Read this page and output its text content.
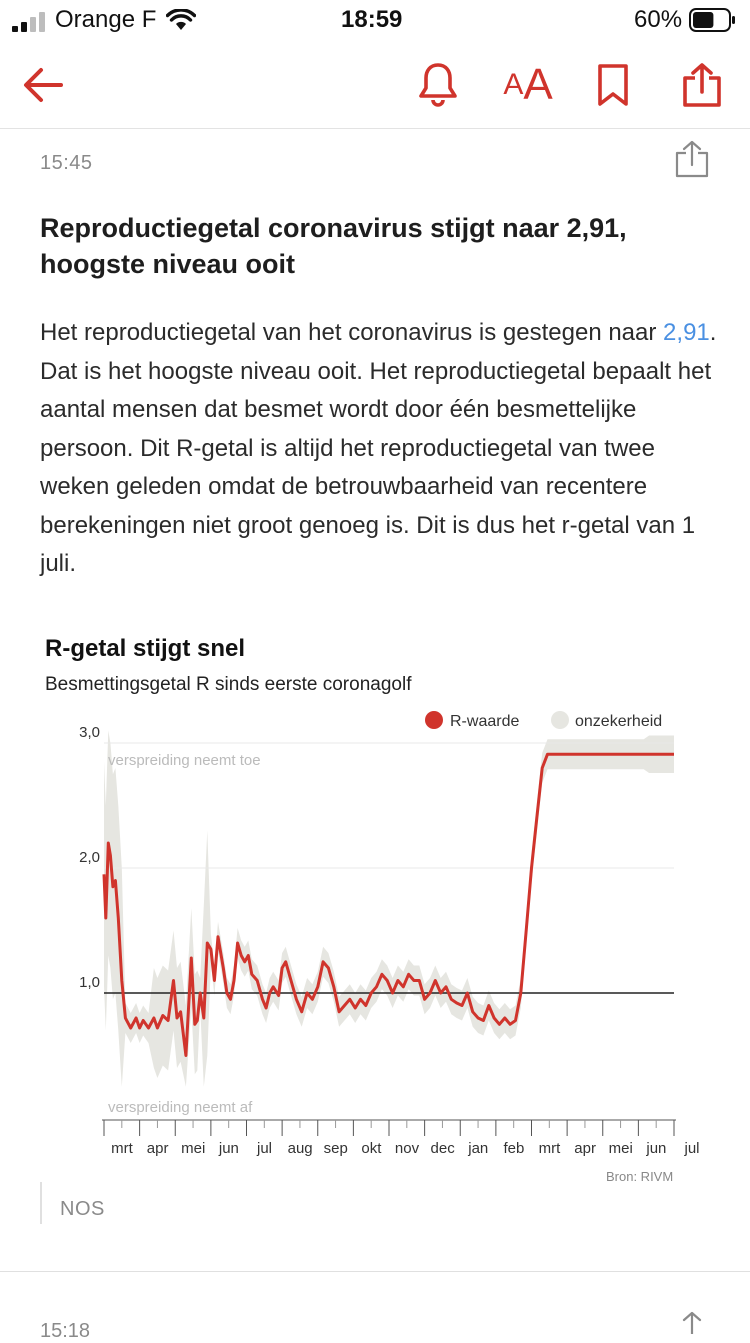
Orange F	18:59	60%
A A
15:45
Reproductiegetal coronavirus stijgt naar 2,91, hoogste niveau ooit
Het reproductiegetal van het coronavirus is gestegen naar 2,91. Dat is het hoogste niveau ooit. Het reproductiegetal bepaalt het aantal mensen dat besmet wordt door één besmettelijke persoon. Dit R-getal is altijd het reproductiegetal van twee weken geleden omdat de betrouwbaarheid van recentere berekeningen niet groot genoeg is. Dit is dus het r-getal van 1 juli.
R-getal stijgt snel
Besmettingsgetal R sinds eerste coronagolf
R-waarde	onzekerheid
1,0
2,0
3,0
verspreiding neemt toe
verspreiding neemt af
mrt apr mei jun jul aug sep okt nov dec jan feb mrt apr mei jun jul
Bron: RIVM
NOS
15:18
